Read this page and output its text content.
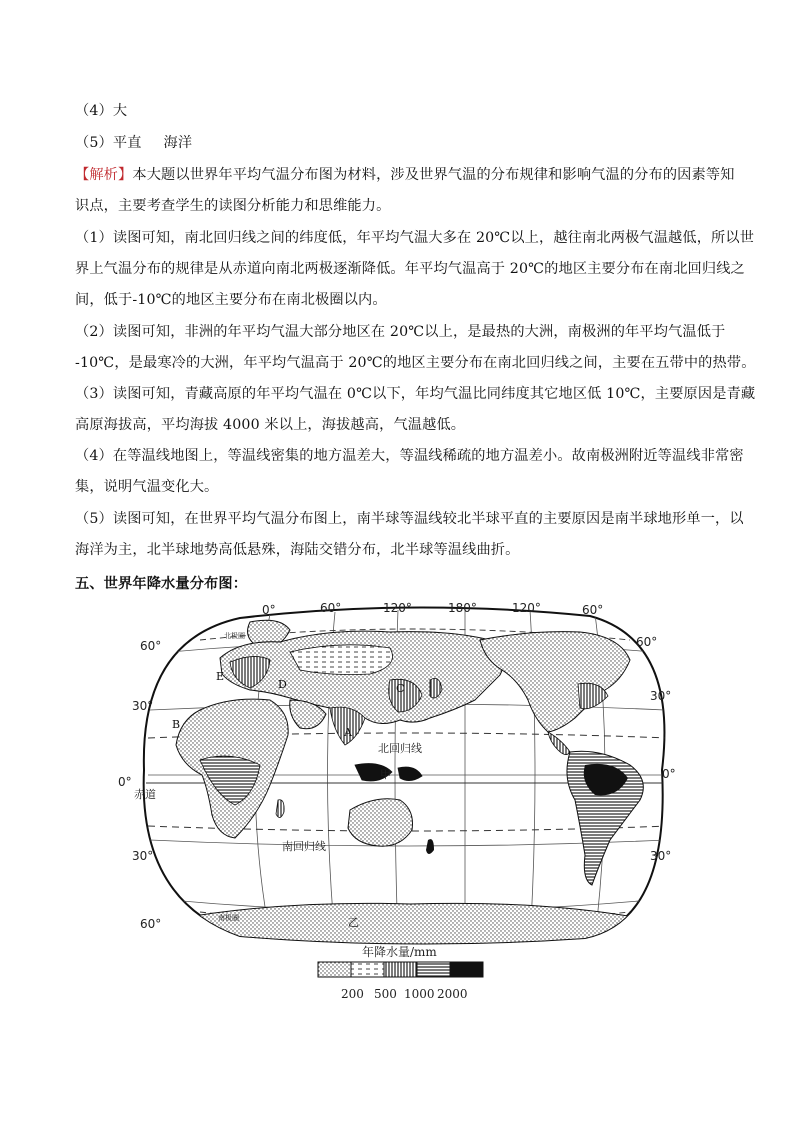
（4）大
（5）平直 海洋
【解析】本大题以世界年平均气温分布图为材料，涉及世界气温的分布规律和影响气温的分布的因素等知
识点，主要考查学生的读图分析能力和思维能力。
（1）读图可知，南北回归线之间的纬度低，年平均气温大多在 20℃以上，越往南北两极气温越低，所以世
界上气温分布的规律是从赤道向南北两极逐渐降低。年平均气温高于 20℃的地区主要分布在南北回归线之
间，低于-10℃的地区主要分布在南北极圈以内。
（2）读图可知，非洲的年平均气温大部分地区在 20℃以上，是最热的大洲，南极洲的年平均气温低于
-10℃，是最寒冷的大洲，年平均气温高于 20℃的地区主要分布在南北回归线之间，主要在五带中的热带。
（3）读图可知，青藏高原的年平均气温在 0℃以下，年均气温比同纬度其它地区低 10℃，主要原因是青藏
高原海拔高，平均海拔 4000 米以上，海拔越高，气温越低。
（4）在等温线地图上，等温线密集的地方温差大，等温线稀疏的地方温差小。故南极洲附近等温线非常密
集，说明气温变化大。
（5）读图可知，在世界平均气温分布图上，南半球等温线较北半球平直的主要原因是南半球地形单一，以
海洋为主，北半球地势高低悬殊，海陆交错分布，北半球等温线曲折。
五、世界年降水量分布图：
0°	60°	120°	180°	120°	60°
60°
30°
0°
30°
60°
60°
30°
0°
30°
北极圈
南极圈
北回归线
南回归线
赤道
A
B
C
D
E
甲
乙
年降水量/mm
200 500 1000 2000
